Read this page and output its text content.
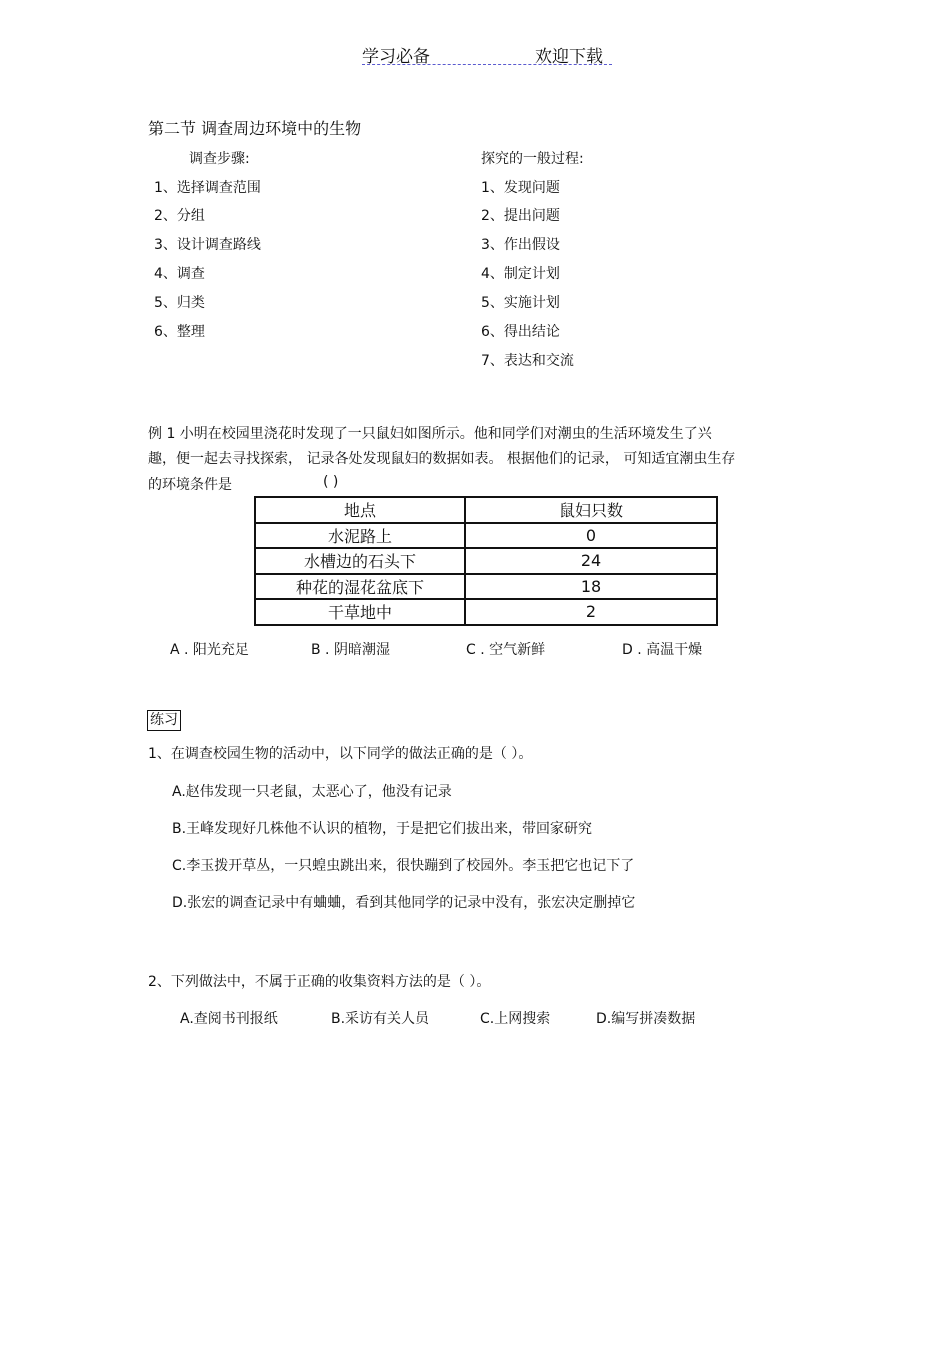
学习必备	欢迎下载
第二节 调查周边环境中的生物
调查步骤:
1、选择调查范围
2、分组
3、设计调查路线
4、调查
5、归类
6、整理
探究的一般过程:
1、发现问题
2、提出问题
3、作出假设
4、制定计划
5、实施计划
6、得出结论
7、表达和交流
例 1 小明在校园里浇花时发现了一只鼠妇如图所示。他和同学们对潮虫的生活环境发生了兴
趣，便一起去寻找探索， 记录各处发现鼠妇的数据如表。 根据他们的记录， 可知适宜潮虫生存
的环境条件是	( )
地点	鼠妇只数
水泥路上	0
水槽边的石头下	24
种花的湿花盆底下	18
干草地中	2
A . 阳光充足	B . 阴暗潮湿	C . 空气新鲜	D . 高温干燥
练习
1、在调查校园生物的活动中，以下同学的做法正确的是（ ）。
A.赵伟发现一只老鼠，太恶心了，他没有记录
B.王峰发现好几株他不认识的植物，于是把它们拔出来，带回家研究
C.李玉拨开草丛，一只蝗虫跳出来，很快蹦到了校园外。李玉把它也记下了
D.张宏的调查记录中有蛐蛐，看到其他同学的记录中没有，张宏决定删掉它
2、下列做法中，不属于正确的收集资料方法的是（ ）。
A.查阅书刊报纸	B.采访有关人员	C.上网搜索	D.编写拼凑数据
